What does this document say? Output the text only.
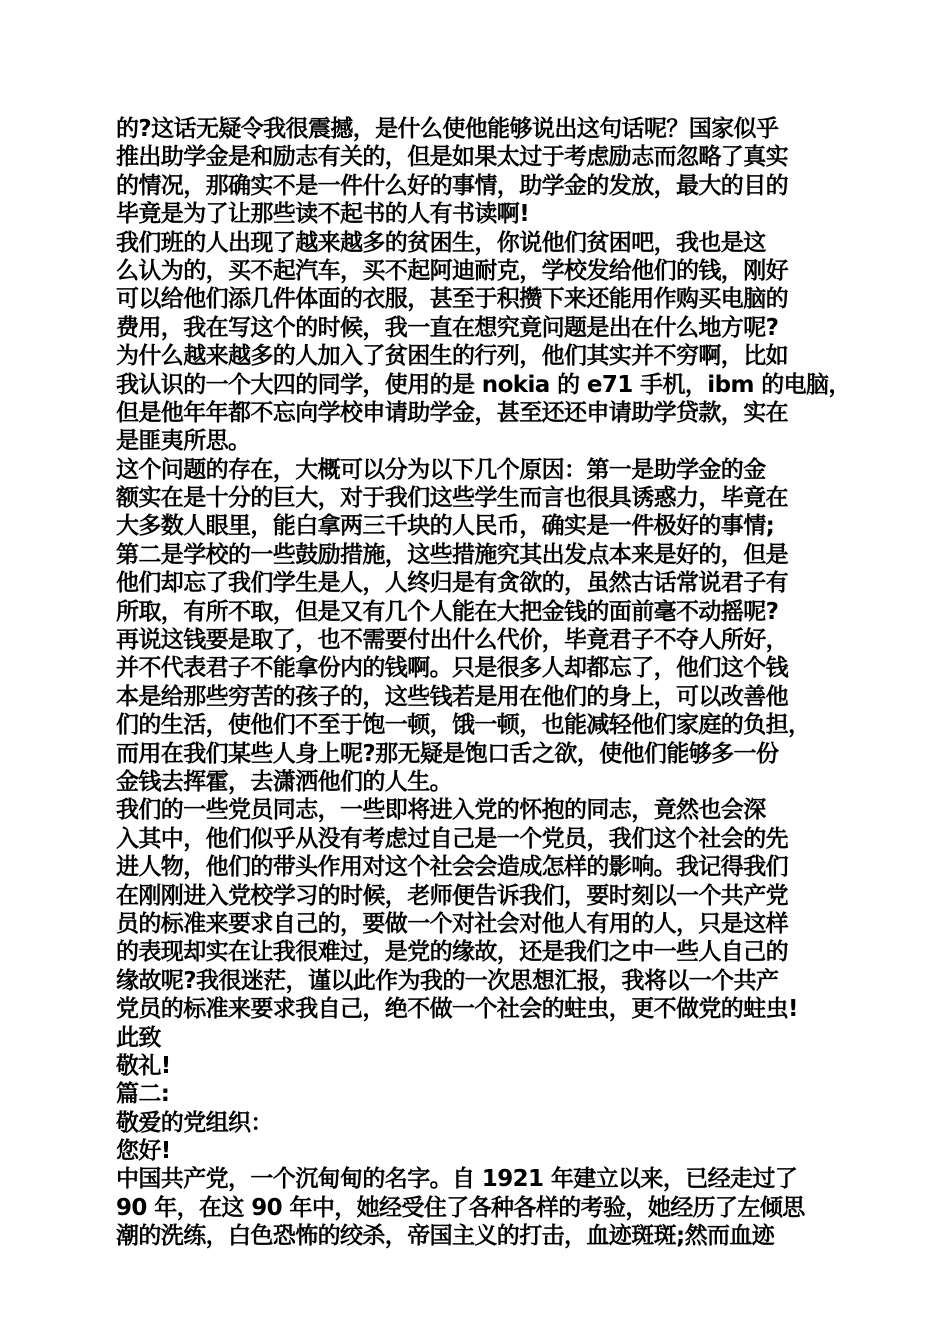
的?这话无疑令我很震撼，是什么使他能够说出这句话呢？国家似乎
推出助学金是和励志有关的，但是如果太过于考虑励志而忽略了真实
的情况，那确实不是一件什么好的事情，助学金的发放，最大的目的
毕竟是为了让那些读不起书的人有书读啊!
我们班的人出现了越来越多的贫困生，你说他们贫困吧，我也是这
么认为的，买不起汽车，买不起阿迪耐克，学校发给他们的钱，刚好
可以给他们添几件体面的衣服，甚至于积攒下来还能用作购买电脑的
费用，我在写这个的时候，我一直在想究竟问题是出在什么地方呢?
为什么越来越多的人加入了贫困生的行列，他们其实并不穷啊，比如
我认识的一个大四的同学，使用的是 nokia 的 e71 手机，ibm 的电脑，
但是他年年都不忘向学校申请助学金，甚至还还申请助学贷款，实在
是匪夷所思。
这个问题的存在，大概可以分为以下几个原因：第一是助学金的金
额实在是十分的巨大，对于我们这些学生而言也很具诱惑力，毕竟在
大多数人眼里，能白拿两三千块的人民币，确实是一件极好的事情;
第二是学校的一些鼓励措施，这些措施究其出发点本来是好的，但是
他们却忘了我们学生是人，人终归是有贪欲的，虽然古话常说君子有
所取，有所不取，但是又有几个人能在大把金钱的面前毫不动摇呢?
再说这钱要是取了，也不需要付出什么代价，毕竟君子不夺人所好，
并不代表君子不能拿份内的钱啊。只是很多人却都忘了，他们这个钱
本是给那些穷苦的孩子的，这些钱若是用在他们的身上，可以改善他
们的生活，使他们不至于饱一顿，饿一顿，也能减轻他们家庭的负担，
而用在我们某些人身上呢?那无疑是饱口舌之欲，使他们能够多一份
金钱去挥霍，去潇洒他们的人生。
我们的一些党员同志，一些即将进入党的怀抱的同志，竟然也会深
入其中，他们似乎从没有考虑过自己是一个党员，我们这个社会的先
进人物，他们的带头作用对这个社会会造成怎样的影响。我记得我们
在刚刚进入党校学习的时候，老师便告诉我们，要时刻以一个共产党
员的标准来要求自己的，要做一个对社会对他人有用的人，只是这样
的表现却实在让我很难过，是党的缘故，还是我们之中一些人自己的
缘故呢?我很迷茫，谨以此作为我的一次思想汇报，我将以一个共产
党员的标准来要求我自己，绝不做一个社会的蛀虫，更不做党的蛀虫!
此致
敬礼!
篇二:
敬爱的党组织：
您好!
中国共产党，一个沉甸甸的名字。自 1921 年建立以来，已经走过了
90 年，在这 90 年中，她经受住了各种各样的考验，她经历了左倾思
潮的洗练，白色恐怖的绞杀，帝国主义的打击，血迹斑斑;然而血迹
